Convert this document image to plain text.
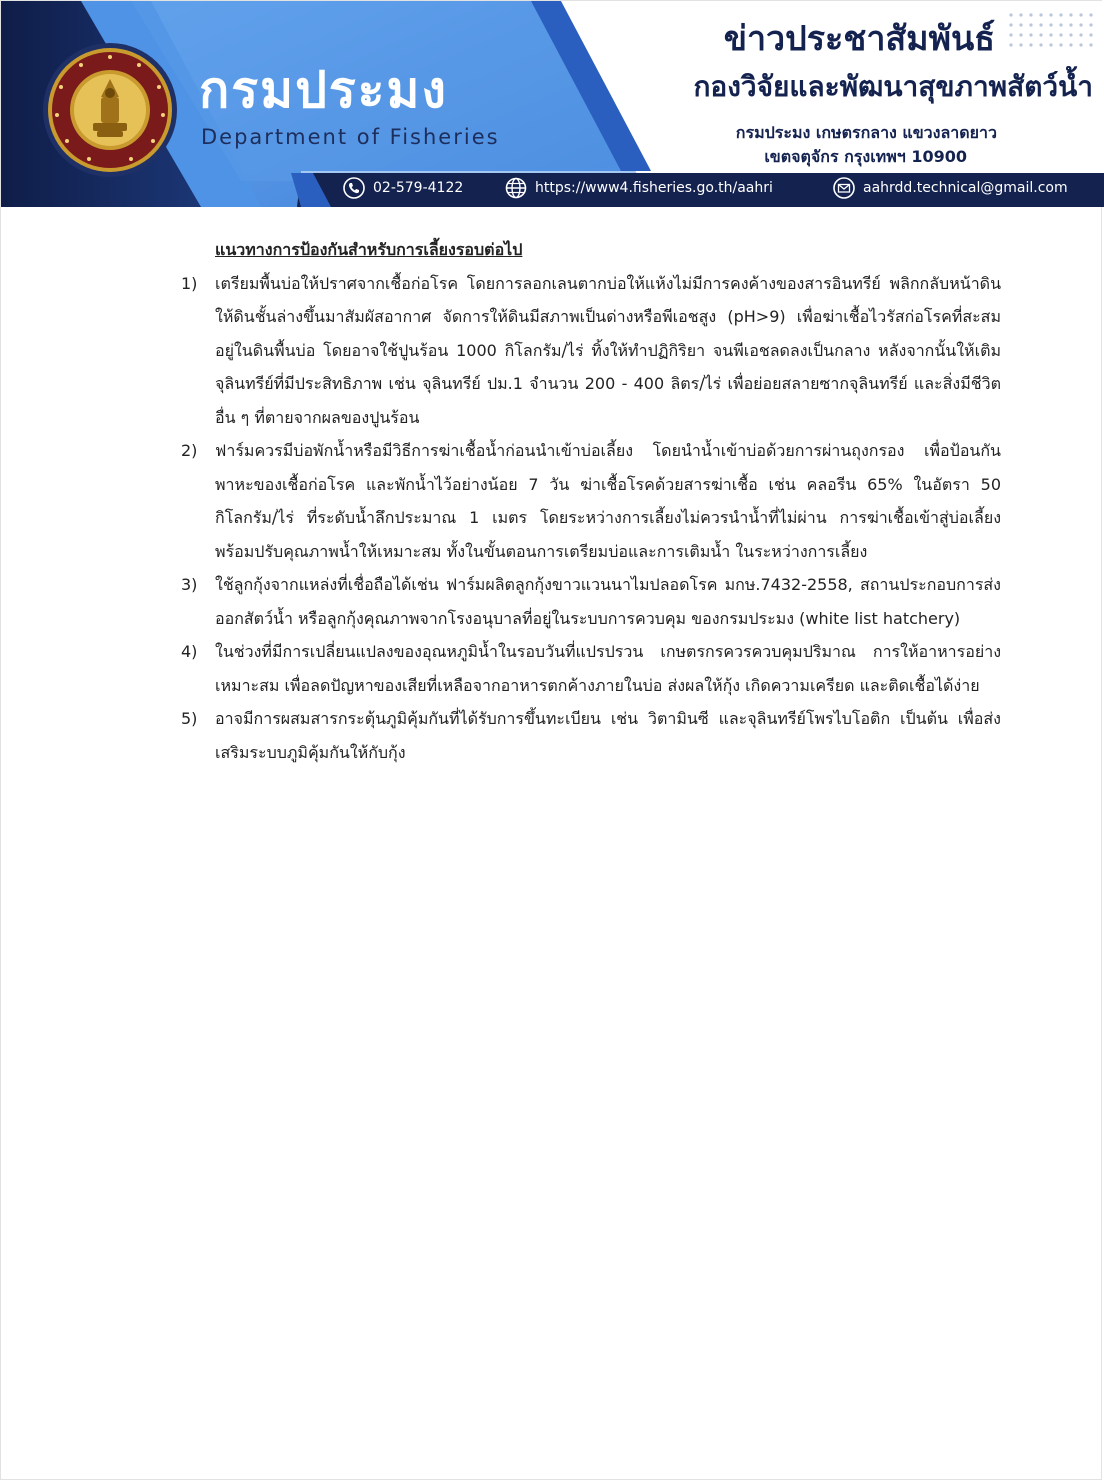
กรมประมง
Department of Fisheries
ข่าวประชาสัมพันธ์
กองวิจัยและพัฒนาสุขภาพสัตว์น้ำ
กรมประมง เกษตรกลาง แขวงลาดยาว
เขตจตุจักร กรุงเทพฯ 10900
02-579-4122	https://www4.fisheries.go.th/aahri	aahrdd.technical@gmail.com
แนวทางการป้องกันสำหรับการเลี้ยงรอบต่อไป
1)	เตรียมพื้นบ่อให้ปราศจากเชื้อก่อโรค โดยการลอกเลนตากบ่อให้แห้งไม่มีการคงค้างของสารอินทรีย์ พลิกกลับหน้าดินให้ดินชั้นล่างขึ้นมาสัมผัสอากาศ จัดการให้ดินมีสภาพเป็นด่างหรือพีเอชสูง (pH>9) เพื่อฆ่าเชื้อไวรัสก่อโรคที่สะสม อยู่ในดินพื้นบ่อ โดยอาจใช้ปูนร้อน 1000 กิโลกรัม/ไร่ ทิ้งให้ทำปฏิกิริยา จนพีเอชลดลงเป็นกลาง หลังจากนั้นให้เติมจุลินทรีย์ที่มีประสิทธิภาพ เช่น จุลินทรีย์ ปม.1 จำนวน 200 - 400 ลิตร/ไร่ เพื่อย่อยสลายซากจุลินทรีย์ และสิ่งมีชีวิตอื่น ๆ ที่ตายจากผลของปูนร้อน
2)	ฟาร์มควรมีบ่อพักน้ำหรือมีวิธีการฆ่าเชื้อน้ำก่อนนำเข้าบ่อเลี้ยง โดยนำน้ำเข้าบ่อด้วยการผ่านถุงกรอง เพื่อป้อนกันพาหะของเชื้อก่อโรค และพักน้ำไว้อย่างน้อย 7 วัน ฆ่าเชื้อโรคด้วยสารฆ่าเชื้อ เช่น คลอรีน 65% ในอัตรา 50 กิโลกรัม/ไร่ ที่ระดับน้ำลึกประมาณ 1 เมตร โดยระหว่างการเลี้ยงไม่ควรนำน้ำที่ไม่ผ่าน การฆ่าเชื้อเข้าสู่บ่อเลี้ยง พร้อมปรับคุณภาพน้ำให้เหมาะสม ทั้งในขั้นตอนการเตรียมบ่อและการเติมน้ำ ในระหว่างการเลี้ยง
3)	ใช้ลูกกุ้งจากแหล่งที่เชื่อถือได้เช่น ฟาร์มผลิตลูกกุ้งขาวแวนนาไมปลอดโรค มกษ.7432-2558, สถานประกอบการส่งออกสัตว์น้ำ หรือลูกกุ้งคุณภาพจากโรงอนุบาลที่อยู่ในระบบการควบคุม ของกรมประมง (white list hatchery)
4)	ในช่วงที่มีการเปลี่ยนแปลงของอุณหภูมิน้ำในรอบวันที่แปรปรวน เกษตรกรควรควบคุมปริมาณ การให้อาหารอย่างเหมาะสม เพื่อลดปัญหาของเสียที่เหลือจากอาหารตกค้างภายในบ่อ ส่งผลให้กุ้ง เกิดความเครียด และติดเชื้อได้ง่าย
5)	อาจมีการผสมสารกระตุ้นภูมิคุ้มกันที่ได้รับการขึ้นทะเบียน เช่น วิตามินซี และจุลินทรีย์โพรไบโอติก เป็นต้น เพื่อส่งเสริมระบบภูมิคุ้มกันให้กับกุ้ง
